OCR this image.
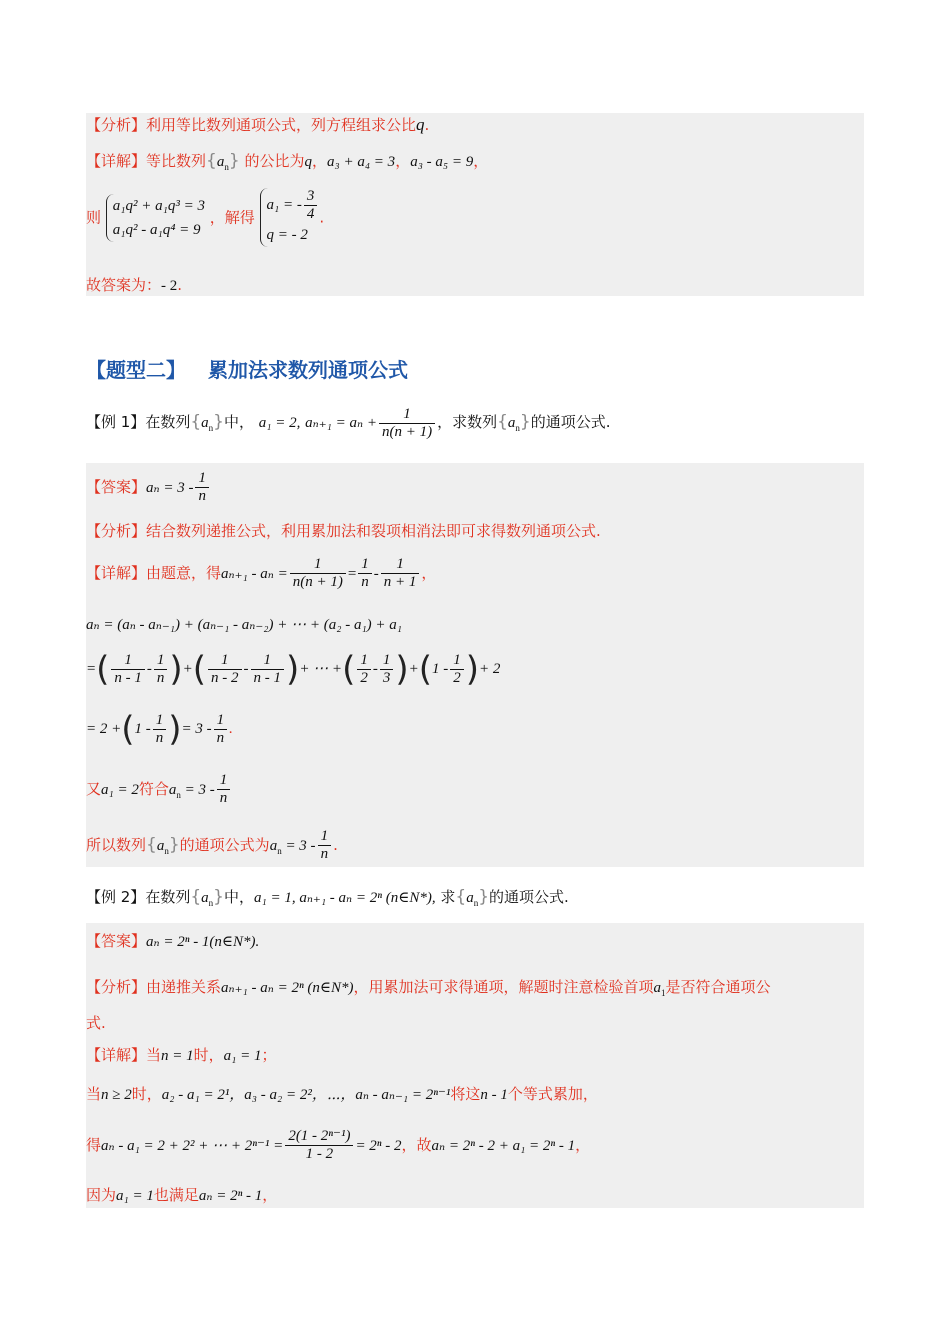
【分析】利用等比数列通项公式，列方程组求公比q.
【详解】等比数列$\{a_n\}$ 的公比为q，a₃ + a₄ = 3，a₃ - a₅ = 9，
则
a₁q² + a₁q³ = 3
a₁q² - a₁q⁴ = 9
，解得
a₁ = - $\frac{3}{4}$
q = - 2
.
故答案为：- 2.
【题型二】 累加法求数列通项公式
【例 1】在数列$\{a_n\}$中， a₁ = 2, $a_{n+1} = a_n + \frac{1}{n(n + 1)}$ ，求数列$\{a_n\}$的通项公式.
【答案】$a_n = 3 - \frac{1}{n}$
【分析】结合数列递推公式，利用累加法和裂项相消法即可求得数列通项公式.
【详解】由题意，得$a_{n+1} - a_n = \frac{1}{n(n + 1)} = \frac{1}{n} - \frac{1}{n + 1}$ ，
aₙ = (aₙ - aₙ₋₁) + (aₙ₋₁ - aₙ₋₂) + ⋯ + (a₂ - a₁) + a₁
=( $\frac{1}{n - 1} - \frac{1}{n}$ )+( $\frac{1}{n - 2} - \frac{1}{n - 1}$ )+ ⋯ +( $\frac{1}{2} - \frac{1}{3} )+(1 - \frac{1}{2}$ )+ 2
= $2 +(1 - \frac{1}{n}$ )= $3 - \frac{1}{n}$ .
又a₁ = 2符合$a_n = 3 - \frac{1}{n}$
所以数列$\{a_n\}$的通项公式为$a_n = 3 - \frac{1}{n}$ .
【例 2】在数列$\{a_n\}$中，a₁ = 1, aₙ₊₁ - aₙ = 2ⁿ (n∈N*), 求$\{a_n\}$的通项公式.
【答案】aₙ = 2ⁿ - 1(n∈N*).
【分析】由递推关系aₙ₊₁ - aₙ = 2ⁿ (n∈N*)，用累加法可求得通项，解题时注意检验首项$a_1$是否符合通项公
式.
【详解】当n = 1时，a₁ = 1；
当n ≥ 2时，a₂ - a₁ = 2¹，a₃ - a₂ = 2²，⋯，aₙ - aₙ₋₁ = 2ⁿ⁻¹将这n - 1个等式累加，
得aₙ - a₁ = 2 + 2² + ⋯ + $2^{n-1} = \frac{\text{2(1 - 2ⁿ⁻¹)}}{1 - 2} = 2^n - 2$，故aₙ = 2ⁿ - 2 + a₁ = 2ⁿ - 1，
因为a₁ = 1也满足aₙ = 2ⁿ - 1，
